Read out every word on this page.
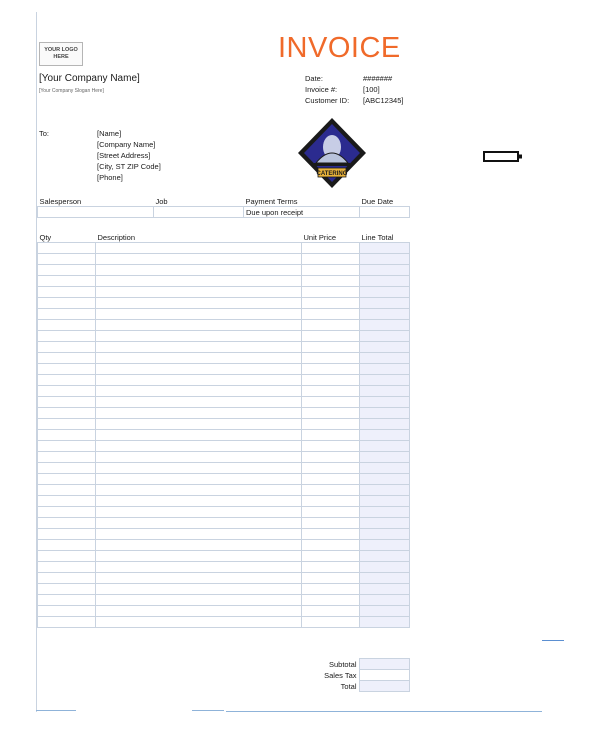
YOUR LOGO
HERE	INVOICE
[Your Company Name]
[Your Company Slogan Here]
Date:	#######
Invoice #:	[100]
Customer ID: [ABC12345]
To:	[Name]
[Company Name]
[Street Address]
[City, ST ZIP Code]
[Phone]	CATERING
Salesperson	Job	Payment Terms	Due Date
		Due upon receipt	
Qty	Description	Unit Price	Line Total

		Subtotal	
		Sales Tax	
		Total	
